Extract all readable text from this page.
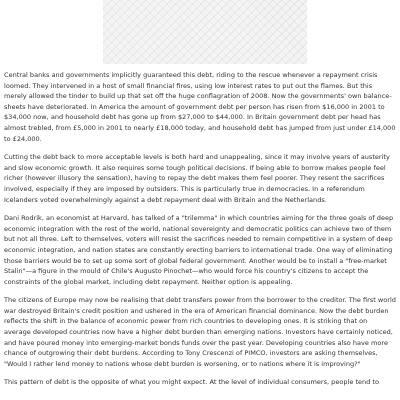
Central banks and governments implicitly guaranteed this debt, riding to the rescue whenever a repayment crisis loomed. They intervened in a host of small financial fires, using low interest rates to put out the flames. But this merely allowed the tinder to build up that set off the huge conflagration of 2008. Now the governments' own balance-sheets have deteriorated. In America the amount of government debt per person has risen from $16,000 in 2001 to $34,000 now, and household debt has gone up from $27,000 to $44,000. In Britain government debt per head has almost trebled, from £5,000 in 2001 to nearly £18,000 today, and household debt has jumped from just under £14,000 to £24,000.

Cutting the debt back to more acceptable levels is both hard and unappealing, since it may involve years of austerity and slow economic growth. It also requires some tough political decisions. If being able to borrow makes people feel richer (however illusory the sensation), having to repay the debt makes them feel poorer. They resent the sacrifices involved, especially if they are imposed by outsiders. This is particularly true in democracies. In a referendum Icelanders voted overwhelmingly against a debt repayment deal with Britain and the Netherlands.

Dani Rodrik, an economist at Harvard, has talked of a "trilemma" in which countries aiming for the three goals of deep economic integration with the rest of the world, national sovereignty and democratic politics can achieve two of them but not all three. Left to themselves, voters will resist the sacrifices needed to remain competitive in a system of deep economic integration, and nation states are constantly erecting barriers to international trade. One way of eliminating those barriers would be to set up some sort of global federal government. Another would be to install a "free-market Stalin"—a figure in the mould of Chile's Augusto Pinochet—who would force his country's citizens to accept the constraints of the global market, including debt repayment. Neither option is appealing.

The citizens of Europe may now be realising that debt transfers power from the borrower to the creditor. The first world war destroyed Britain's credit position and ushered in the era of American financial dominance. Now the debt burden reflects the shift in the balance of economic power from rich countries to developing ones. It is striking that on average developed countries now have a higher debt burden than emerging nations. Investors have certainly noticed, and have poured money into emerging-market bonds funds over the past year. Developing countries also have more chance of outgrowing their debt burdens. According to Tony Crescenzi of PIMCO, investors are asking themselves, "Would I rather lend money to nations whose debt burden is worsening, or to nations where it is improving?"

This pattern of debt is the opposite of what you might expect. At the level of individual consumers, people tend to
